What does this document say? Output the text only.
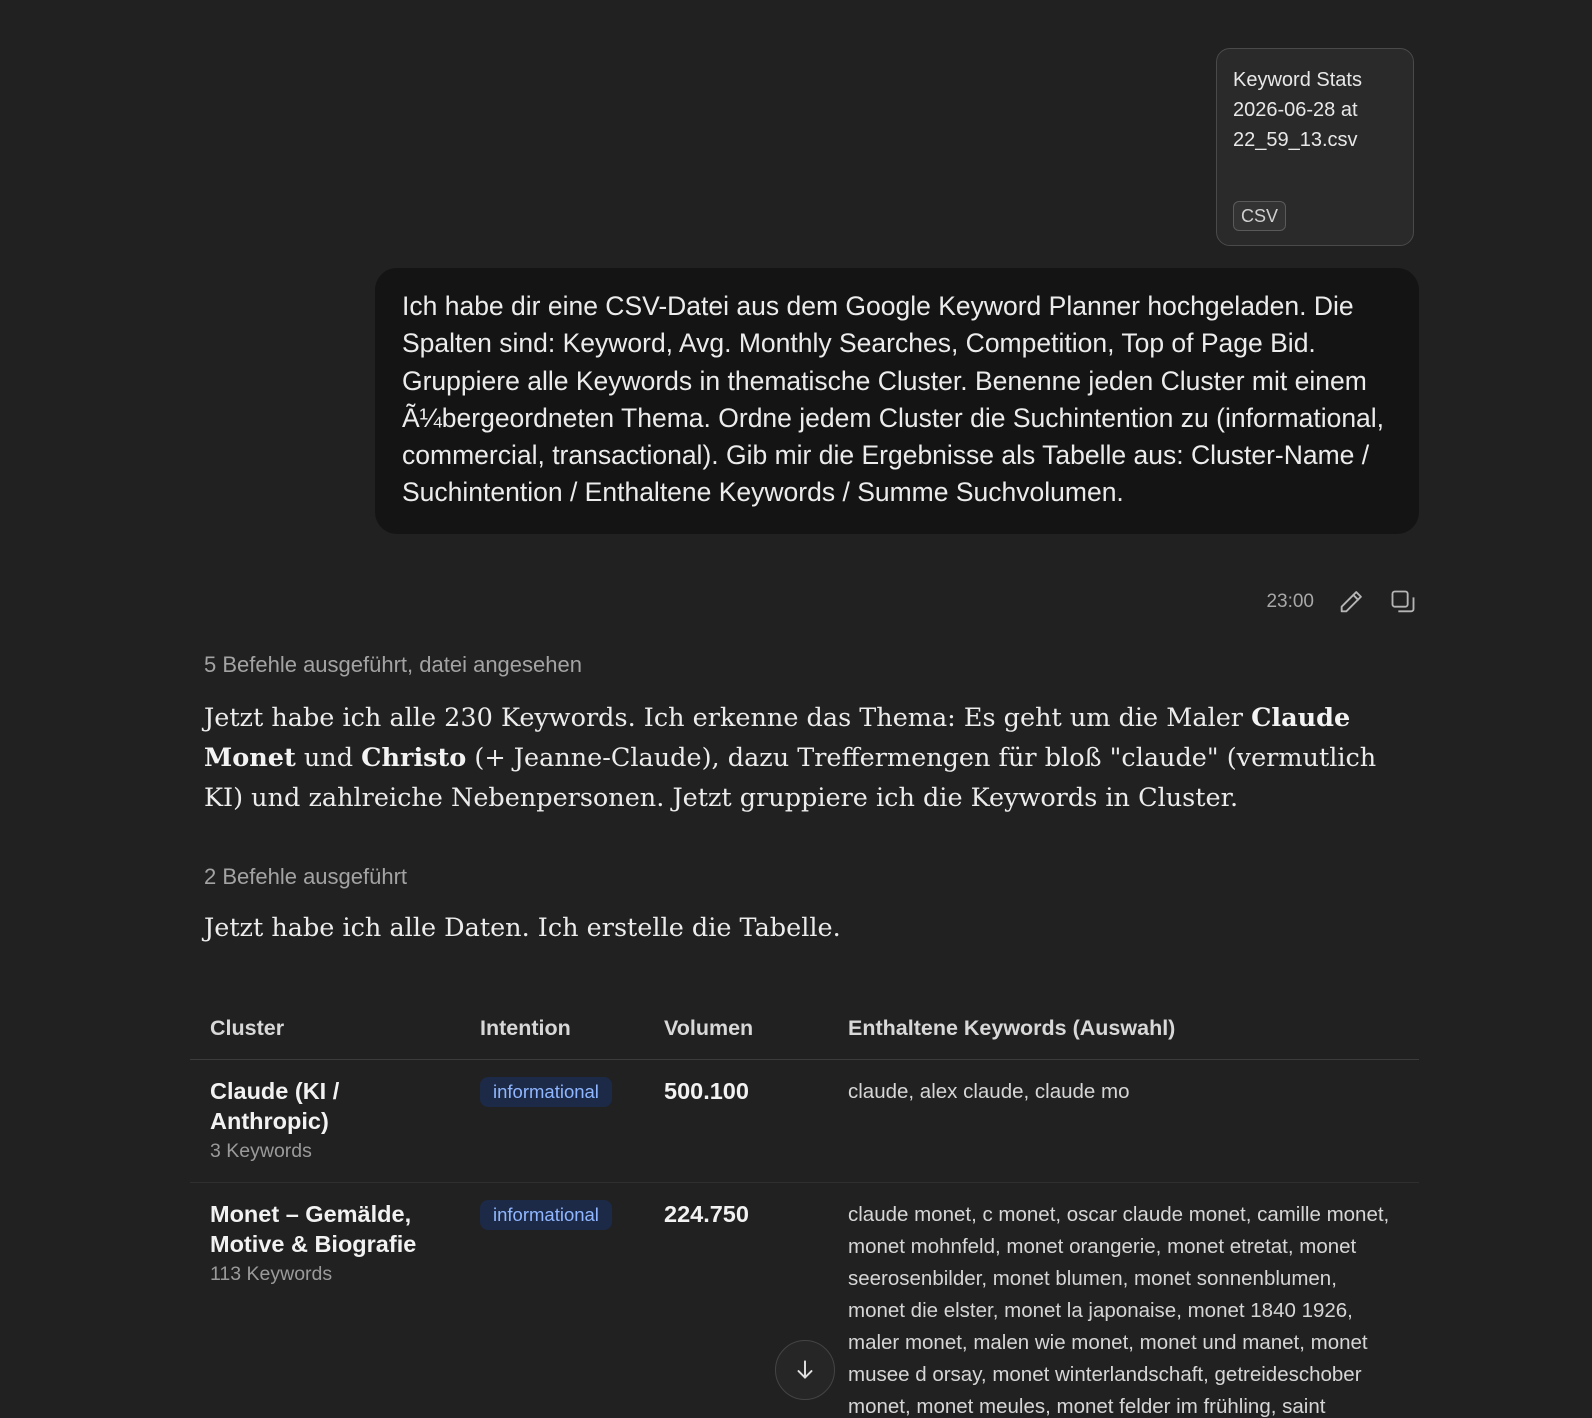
Keyword Stats 2026-06-28 at 22_59_13.csv
CSV
Ich habe dir eine CSV-Datei aus dem Google Keyword Planner hochgeladen. Die Spalten sind: Keyword, Avg. Monthly Searches, Competition, Top of Page Bid. Gruppiere alle Keywords in thematische Cluster. Benenne jeden Cluster mit einem Ã¼bergeordneten Thema. Ordne jedem Cluster die Suchintention zu (informational, commercial, transactional). Gib mir die Ergebnisse als Tabelle aus: Cluster-Name / Suchintention / Enthaltene Keywords / Summe Suchvolumen.
23:00
5 Befehle ausgeführt, datei angesehen

Jetzt habe ich alle 230 Keywords. Ich erkenne das Thema: Es geht um die Maler Claude Monet und Christo (+ Jeanne-Claude), dazu Treffermengen für bloß "claude" (vermutlich KI) und zahlreiche Nebenpersonen. Jetzt gruppiere ich die Keywords in Cluster.

2 Befehle ausgeführt

Jetzt habe ich alle Daten. Ich erstelle die Tabelle.

Cluster	Intention	Volumen	Enthaltene Keywords (Auswahl)

Claude (KI / Anthropic)
3 Keywords	informational	500.100	claude, alex claude, claude mo

Monet – Gemälde, Motive & Biografie
113 Keywords	informational	224.750	claude monet, c monet, oscar claude monet, camille monet, monet mohnfeld, monet orangerie, monet etretat, monet seerosenbilder, monet blumen, monet sonnenblumen, monet die elster, monet la japonaise, monet 1840 1926, maler monet, malen wie monet, monet und manet, monet musee d orsay, monet winterlandschaft, getreideschober monet, monet meules, monet felder im frühling, saint
